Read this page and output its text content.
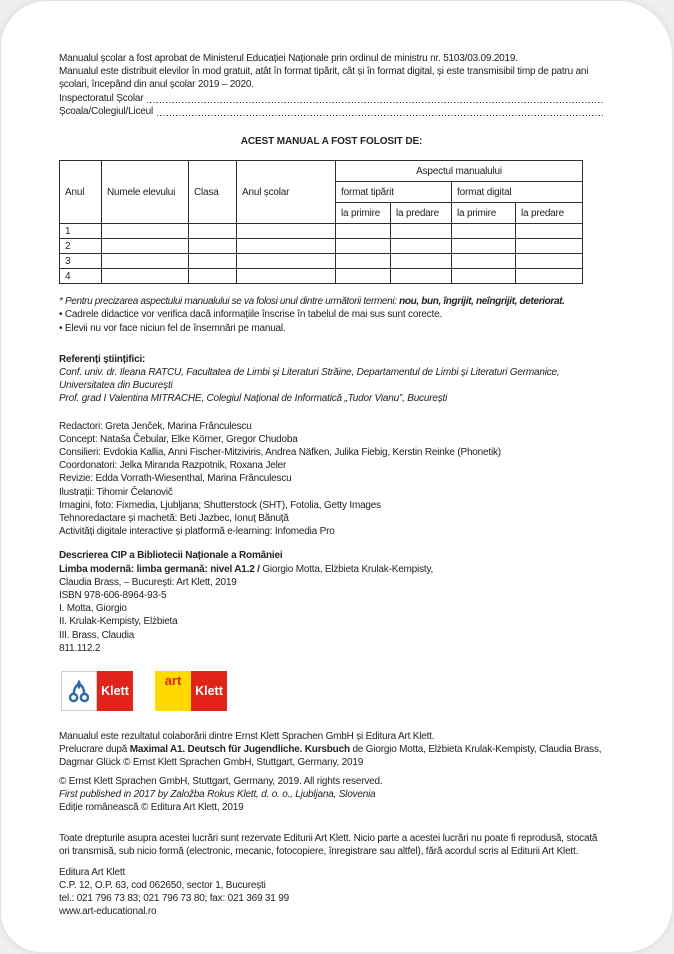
Manualul școlar a fost aprobat de Ministerul Educației Naționale prin ordinul de ministru nr. 5103/03.09.2019.

Manualul este distribuit elevilor în mod gratuit, atât în format tipărit, cât și în format digital, și este transmisibil timp de patru ani școlari, începând din anul școlar 2019 – 2020.

Inspectoratul Școlar
Școala/Colegiul/Liceul
ACEST MANUAL A FOST FOLOSIT DE:
Anul	Numele elevului	Clasa	Anul școlar	Aspectul manualului			
				format tipărit		format digital	
				la primire	la predare	la primire	la predare
1							
2							
3							
4							
* Pentru precizarea aspectului manualului se va folosi unul dintre următorii termeni: nou, bun, îngrijit, neîngrijit, deteriorat.
• Cadrele didactice vor verifica dacă informațiile înscrise în tabelul de mai sus sunt corecte.
• Elevii nu vor face niciun fel de însemnări pe manual.
Referenți științifici:

Conf. univ. dr. Ileana RATCU, Facultatea de Limbi și Literaturi Străine, Departamentul de Limbi și Literaturi Germanice, Universitatea din București

Prof. grad I Valentina MITRACHE, Colegiul Național de Informatică „Tudor Vianu”, București

Redactori: Greta Jenček, Marina Frânculescu
Concept: Nataša Čebular, Elke Körner, Gregor Chudoba
Consilieri: Evdokia Kallia, Anni Fischer-Mitziviris, Andrea Näfken, Julika Fiebig, Kerstin Reinke (Phonetik)
Coordonatori: Jelka Miranda Razpotnik, Roxana Jeler
Revizie: Edda Vorrath-Wiesenthal, Marina Frânculescu
Ilustrații: Tihomir Čelanovič
Imagini, foto: Fixmedia, Ljubljana; Shutterstock (SHT), Fotolia, Getty Images
Tehnoredactare și machetă: Beti Jazbec, Ionuț Bănuță
Activități digitale interactive și platformă e-learning: Infomedia Pro
Descrierea CIP a Bibliotecii Naționale a României
Limba modernă: limba germană: nivel A1.2 / Giorgio Motta, Elżbieta Krulak-Kempisty,
Claudia Brass, – București: Art Klett, 2019
ISBN 978-606-8964-93-5
I. Motta, Giorgio
II. Krulak-Kempisty, Elżbieta
III. Brass, Claudia
811.112.2
Klett
art
Klett

Manualul este rezultatul colaborării dintre Ernst Klett Sprachen GmbH și Editura Art Klett.

Prelucrare după Maximal A1. Deutsch für Jugendliche. Kursbuch de Giorgio Motta, Elżbieta Krulak-Kempisty, Claudia Brass, Dagmar Glück © Ernst Klett Sprachen GmbH, Stuttgart, Germany, 2019

© Ernst Klett Sprachen GmbH, Stuttgart, Germany, 2019. All rights reserved.
First published in 2017 by Založba Rokus Klett, d. o. o., Ljubljana, Slovenia
Ediție românească © Editura Art Klett, 2019

Toate drepturile asupra acestei lucrări sunt rezervate Editurii Art Klett. Nicio parte a acestei lucrări nu poate fi reprodusă, stocată ori transmisă, sub nicio formă (electronic, mecanic, fotocopiere, înregistrare sau altfel), fără acordul scris al Editurii Art Klett.

Editura Art Klett
C.P. 12, O.P. 63, cod 062650, sector 1, București
tel.: 021 796 73 83; 021 796 73 80; fax: 021 369 31 99
www.art-educational.ro
